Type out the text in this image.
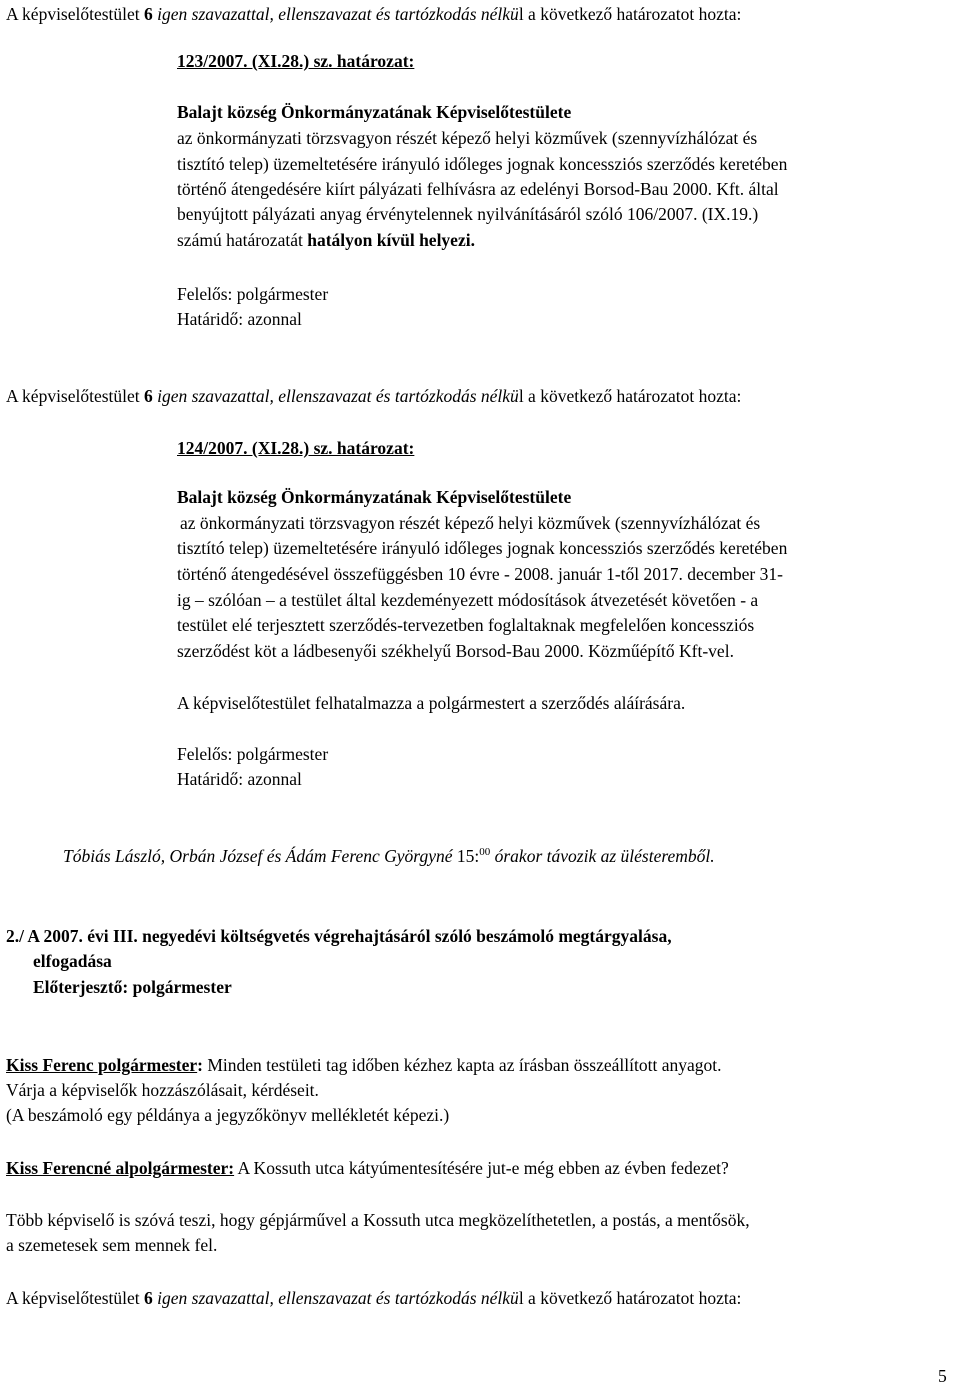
A képviselőtestület 6 igen szavazattal, ellenszavazat és tartózkodás nélkül a következő határozatot hozta:
123/2007. (XI.28.) sz. határozat:
Balajt község Önkormányzatának Képviselőtestülete
az önkormányzati törzsvagyon részét képező helyi közművek (szennyvízhálózat és
tisztító telep) üzemeltetésére irányuló időleges jognak koncessziós szerződés keretében
történő átengedésére kiírt pályázati felhívásra az edelényi Borsod-Bau 2000. Kft. által
benyújtott pályázati anyag érvénytelennek nyilvánításáról szóló 106/2007. (IX.19.)
számú határozatát hatályon kívül helyezi.
Felelős: polgármester
Határidő: azonnal
A képviselőtestület 6 igen szavazattal, ellenszavazat és tartózkodás nélkül a következő határozatot hozta:
124/2007. (XI.28.) sz. határozat:
Balajt község Önkormányzatának Képviselőtestülete
az önkormányzati törzsvagyon részét képező helyi közművek (szennyvízhálózat és
tisztító telep) üzemeltetésére irányuló időleges jognak koncessziós szerződés keretében
történő átengedésével összefüggésben 10 évre - 2008. január 1-től 2017. december 31-
ig – szólóan – a testület által kezdeményezett módosítások átvezetését követően - a
testület elé terjesztett szerződés-tervezetben foglaltaknak megfelelően koncessziós
szerződést köt a ládbesenyői székhelyű Borsod-Bau 2000. Közműépítő Kft-vel.
A képviselőtestület felhatalmazza a polgármestert a szerződés aláírására.
Felelős: polgármester
Határidő: azonnal
Tóbiás László, Orbán József és Ádám Ferenc Györgyné 15:$^{00}$ órakor távozik az ülésteremből.
2./ A 2007. évi III. negyedévi költségvetés végrehajtásáról szóló beszámoló megtárgyalása,
elfogadása
Előterjesztő: polgármester
Kiss Ferenc polgármester: Minden testületi tag időben kézhez kapta az írásban összeállított anyagot.
Várja a képviselők hozzászólásait, kérdéseit.
(A beszámoló egy példánya a jegyzőkönyv mellékletét képezi.)
Kiss Ferencné alpolgármester: A Kossuth utca kátyúmentesítésére jut-e még ebben az évben fedezet?
Több képviselő is szóvá teszi, hogy gépjárművel a Kossuth utca megközelíthetetlen, a postás, a mentősök,
a szemetesek sem mennek fel.
A képviselőtestület 6 igen szavazattal, ellenszavazat és tartózkodás nélkül a következő határozatot hozta:
5
